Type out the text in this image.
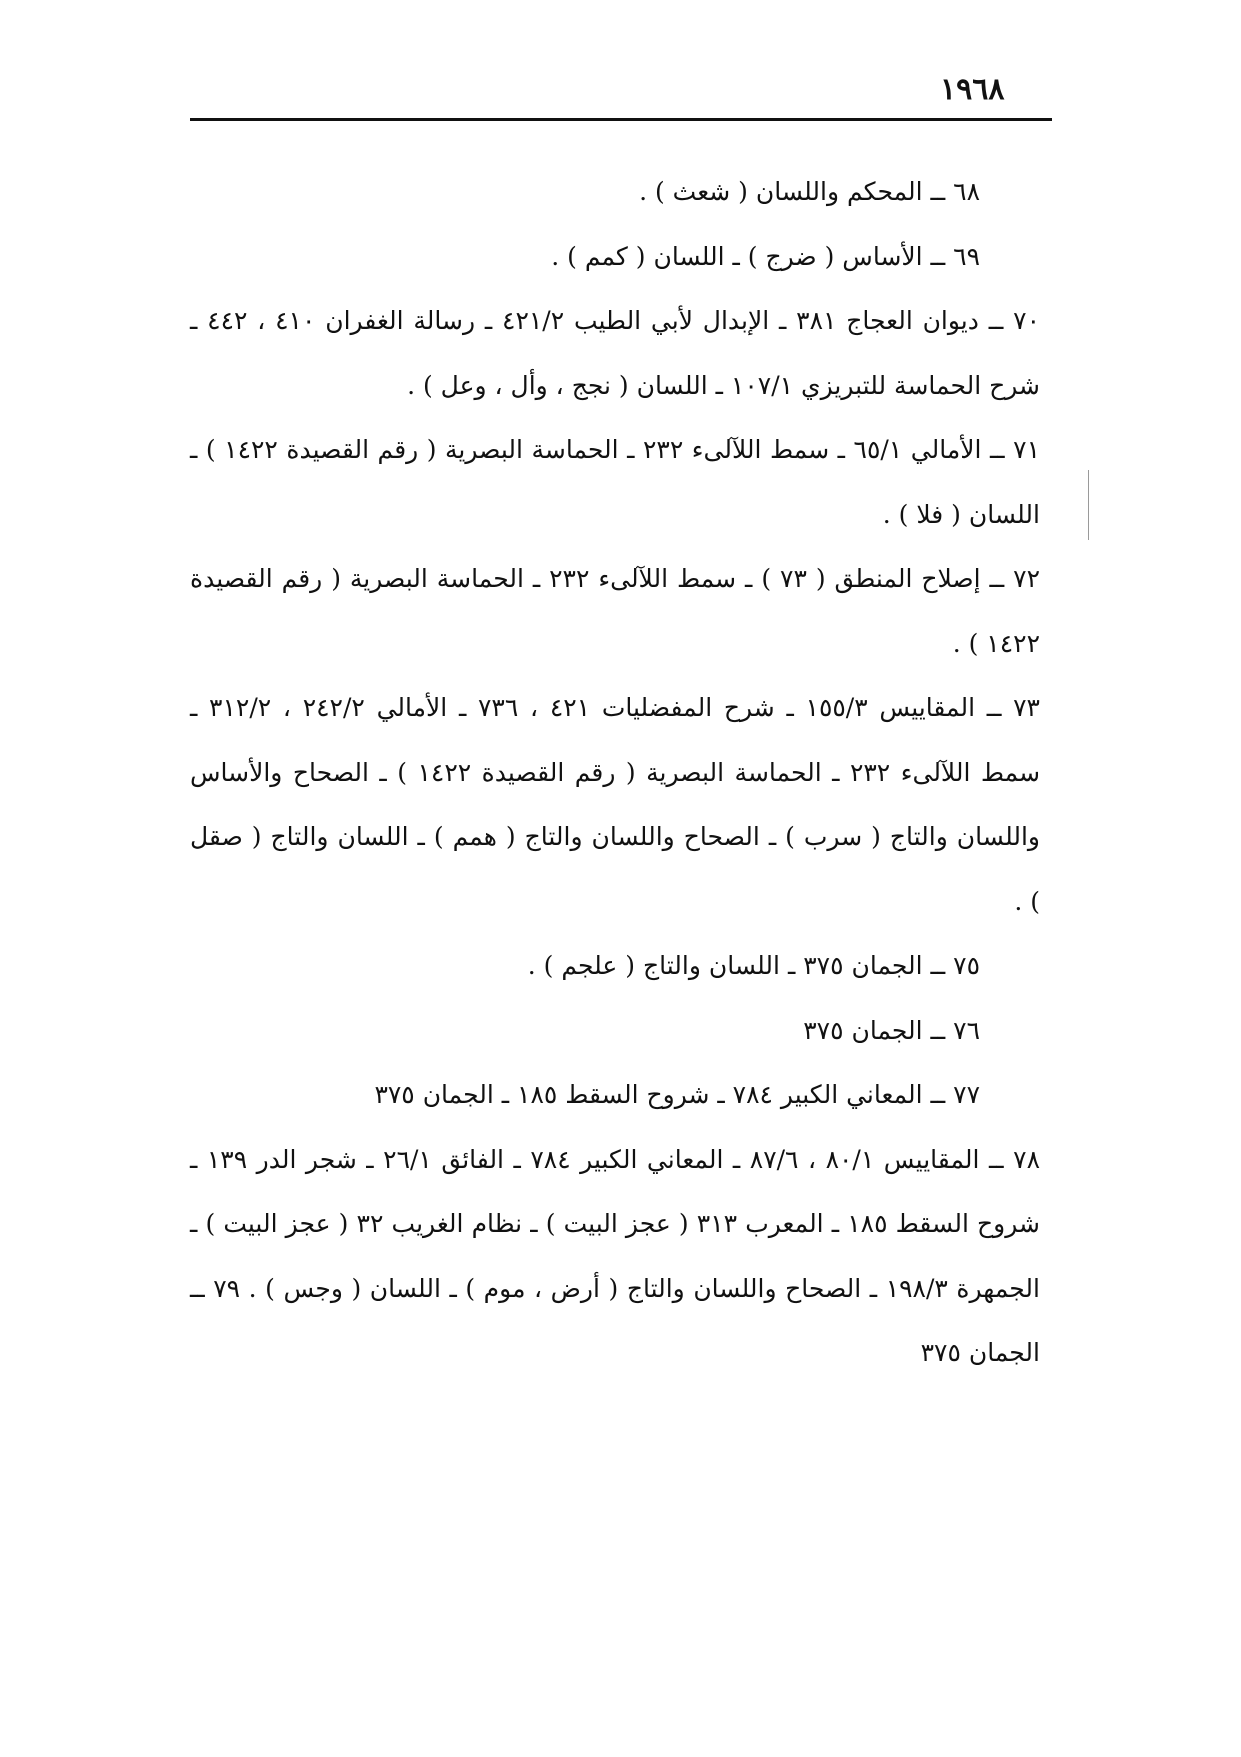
١٩٦٨

٦٨ ــ المحكم واللسان ( شعث ) .

٦٩ ــ الأساس ( ضرج ) ـ اللسان ( كمم ) .

٧٠ ــ ديوان العجاج ٣٨١ ـ الإبدال لأبي الطيب ٤٢١/٢ ـ رسالة الغفران ٤١٠ ، ٤٤٢ ـ شرح الحماسة للتبريزي ١٠٧/١ ـ اللسان ( نجج ، وأل ، وعل ) .

٧١ ــ الأمالي ٦٥/١ ـ سمط اللآلىء ٢٣٢ ـ الحماسة البصرية ( رقم القصيدة ١٤٢٢ ) ـ اللسان ( فلا ) .

٧٢ ــ إصلاح المنطق ( ٧٣ ) ـ سمط اللآلىء ٢٣٢ ـ الحماسة البصرية ( رقم القصيدة ١٤٢٢ ) .

٧٣ ــ المقاييس ١٥٥/٣ ـ شرح المفضليات ٤٢١ ، ٧٣٦ ـ الأمالي ٢٤٢/٢ ، ٣١٢/٢ ـ سمط اللآلىء ٢٣٢ ـ الحماسة البصرية ( رقم القصيدة ١٤٢٢ ) ـ الصحاح والأساس واللسان والتاج ( سرب ) ـ الصحاح واللسان والتاج ( همم ) ـ اللسان والتاج ( صقل ) .

٧٥ ــ الجمان ٣٧٥ ـ اللسان والتاج ( علجم ) .

٧٦ ــ الجمان ٣٧٥

٧٧ ــ المعاني الكبير ٧٨٤ ـ شروح السقط ١٨٥ ـ الجمان ٣٧٥

٧٨ ــ المقاييس ٨٠/١ ، ٨٧/٦ ـ المعاني الكبير ٧٨٤ ـ الفائق ٢٦/١ ـ شجر الدر ١٣٩ ـ شروح السقط ١٨٥ ـ المعرب ٣١٣ ( عجز البيت ) ـ نظام الغريب ٣٢ ( عجز البيت ) ـ الجمهرة ١٩٨/٣ ـ الصحاح واللسان والتاج ( أرض ، موم ) ـ اللسان ( وجس ) . ٧٩ ــ الجمان ٣٧٥
